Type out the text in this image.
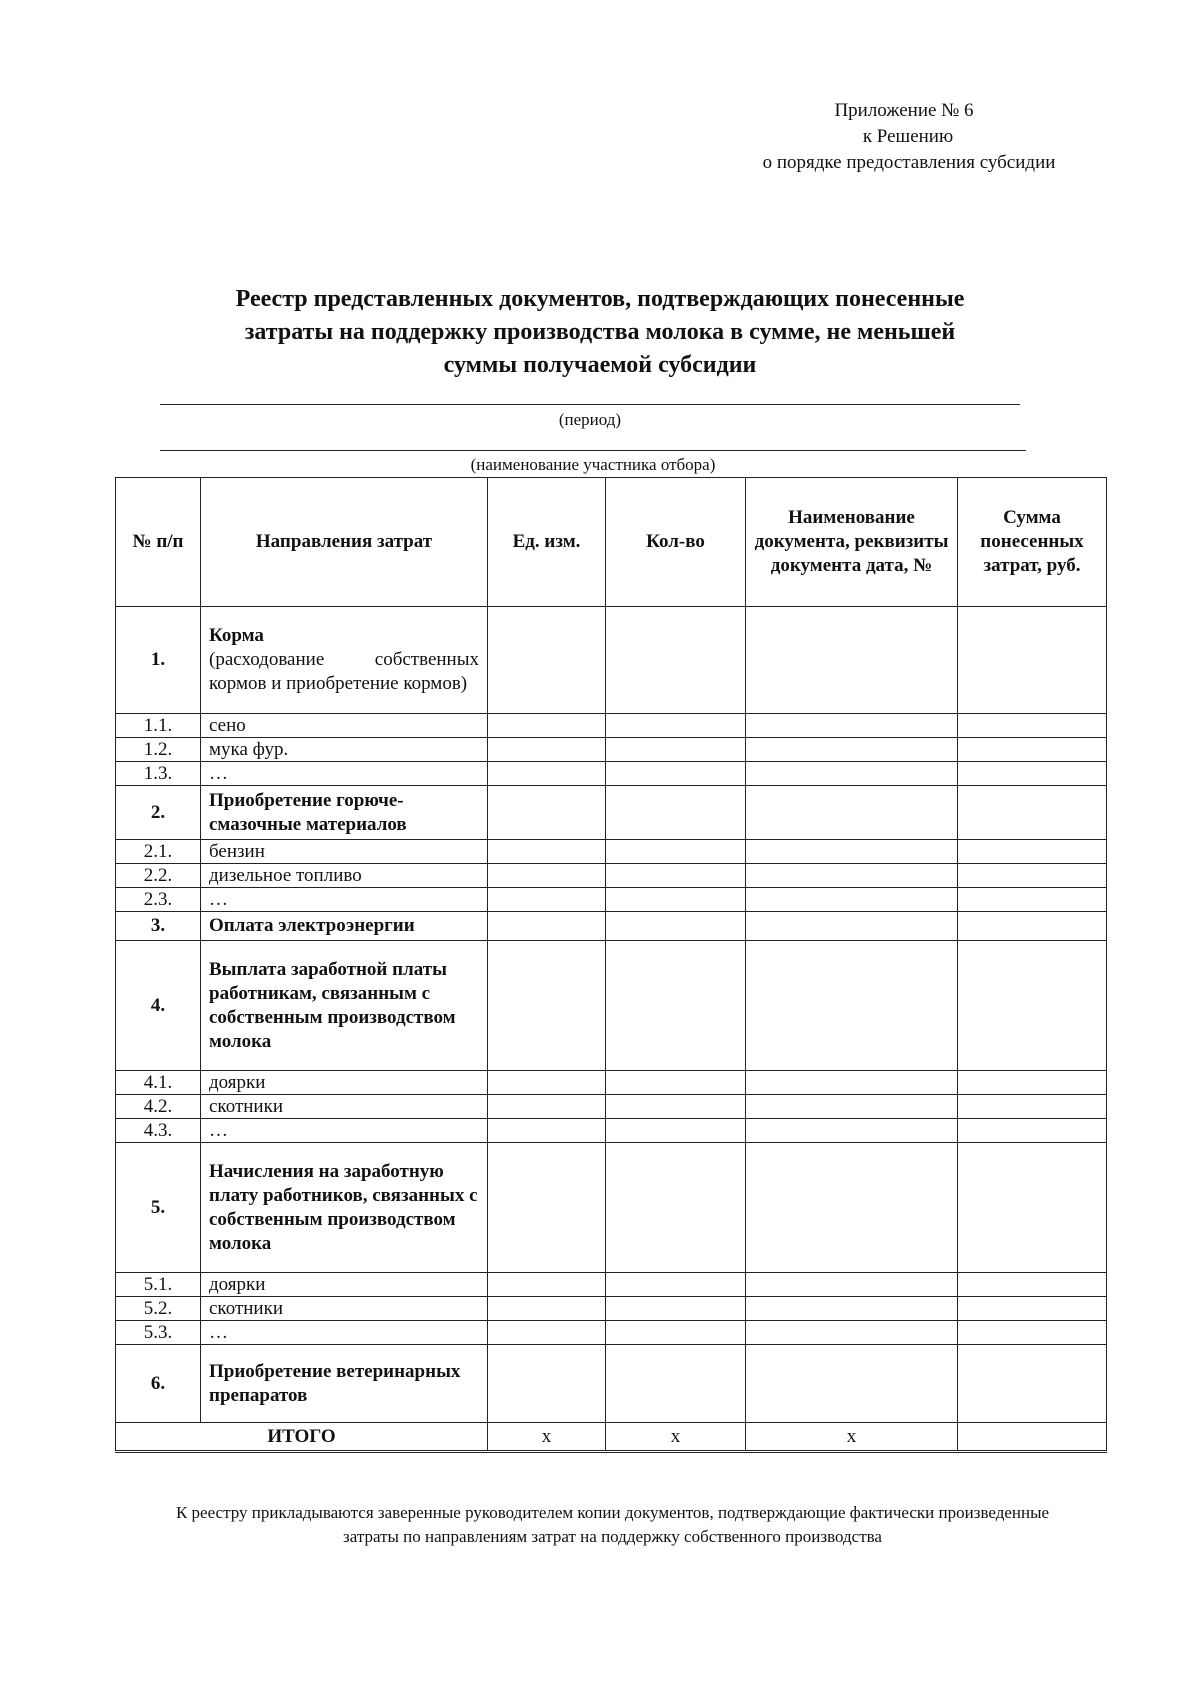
Приложение № 6
к Решению
о порядке предоставления субсидии
Реестр представленных документов, подтверждающих понесенные
затраты на поддержку производства молока в сумме, не меньшей
суммы получаемой субсидии
(период)
(наименование участника отбора)
№ п/п	Направления затрат	Ед. изм.	Кол-во	Наименование документа, реквизиты документа дата, №	Сумма понесенных затрат, руб.
1.	Корма
(расходование собственных кормов и приобретение кормов)				

1.1.	сено				
1.2.	мука фур.				
1.3.	…				
2.	Приобретение горюче-смазочные материалов				
2.1.	бензин				
2.2.	дизельное топливо				
2.3.	…				
3.	Оплата электроэнергии				
4.	Выплата заработной платы работникам, связанным с собственным производством молока				
4.1.	доярки				
4.2.	скотники				
4.3.	…				
5.	Начисления на заработную плату работников, связанных с собственным производством молока				
5.1.	доярки				
5.2.	скотники				
5.3.	…				
6.	Приобретение ветеринарных препаратов				
ИТОГО		х	х	х	
К реестру прикладываются заверенные руководителем копии документов, подтверждающие фактически произведенные затраты по направлениям затрат на поддержку собственного производства
